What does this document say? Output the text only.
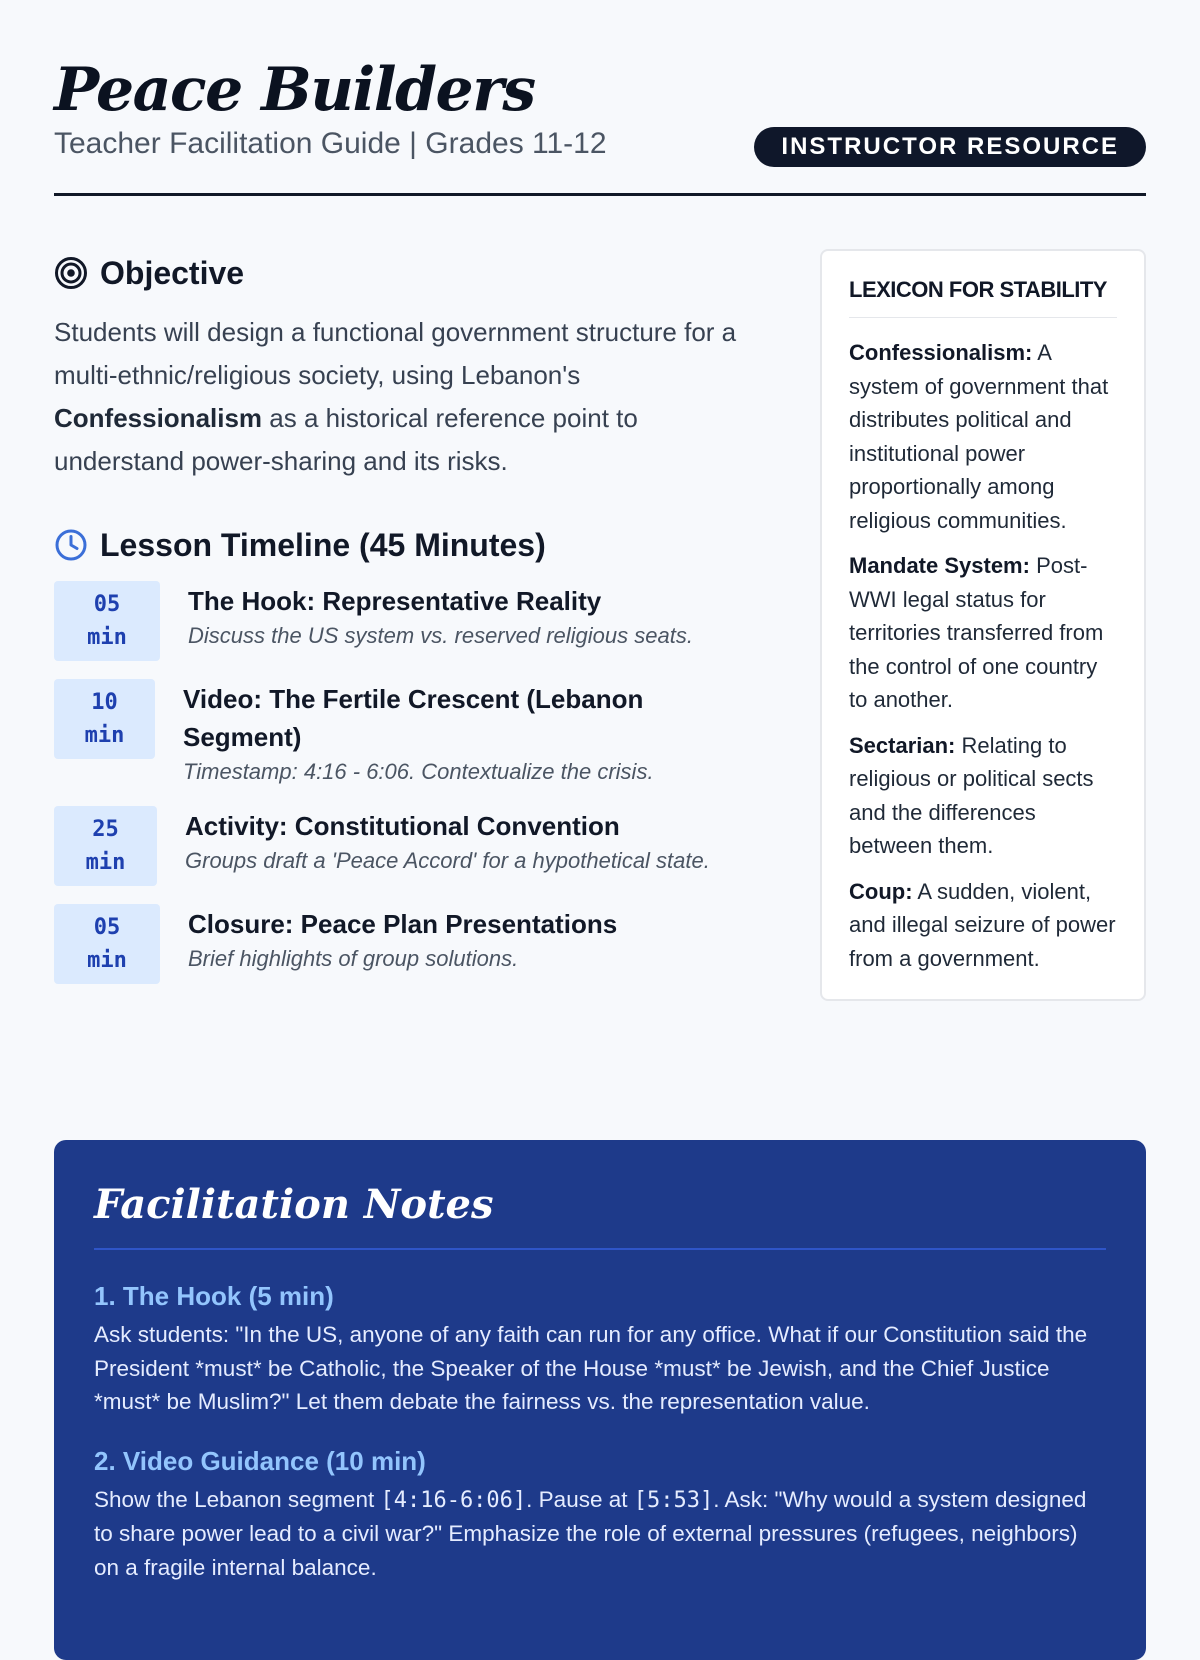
Peace Builders
Teacher Facilitation Guide | Grades 11-12	INSTRUCTOR RESOURCE
Objective

Students will design a functional government structure for a multi-ethnic/religious society, using Lebanon's Confessionalism as a historical reference point to understand power-sharing and its risks.

Lesson Timeline (45 Minutes)
05
min
The Hook: Representative Reality
Discuss the US system vs. reserved religious seats.
10
min
Video: The Fertile Crescent (Lebanon Segment)
Timestamp: 4:16 - 6:06. Contextualize the crisis.
25
min
Activity: Constitutional Convention
Groups draft a 'Peace Accord' for a hypothetical state.
05
min
Closure: Peace Plan Presentations
Brief highlights of group solutions.
LEXICON FOR STABILITY
Confessionalism: A system of government that distributes political and institutional power proportionally among religious communities.
Mandate System: Post-WWI legal status for territories transferred from the control of one country to another.
Sectarian: Relating to religious or political sects and the differences between them.
Coup: A sudden, violent, and illegal seizure of power from a government.
Facilitation Notes
1. The Hook (5 min)

Ask students: "In the US, anyone of any faith can run for any office. What if our Constitution said the President *must* be Catholic, the Speaker of the House *must* be Jewish, and the Chief Justice *must* be Muslim?" Let them debate the fairness vs. the representation value.

2. Video Guidance (10 min)

Show the Lebanon segment [4:16-6:06]. Pause at [5:53]. Ask: "Why would a system designed to share power lead to a civil war?" Emphasize the role of external pressures (refugees, neighbors) on a fragile internal balance.
